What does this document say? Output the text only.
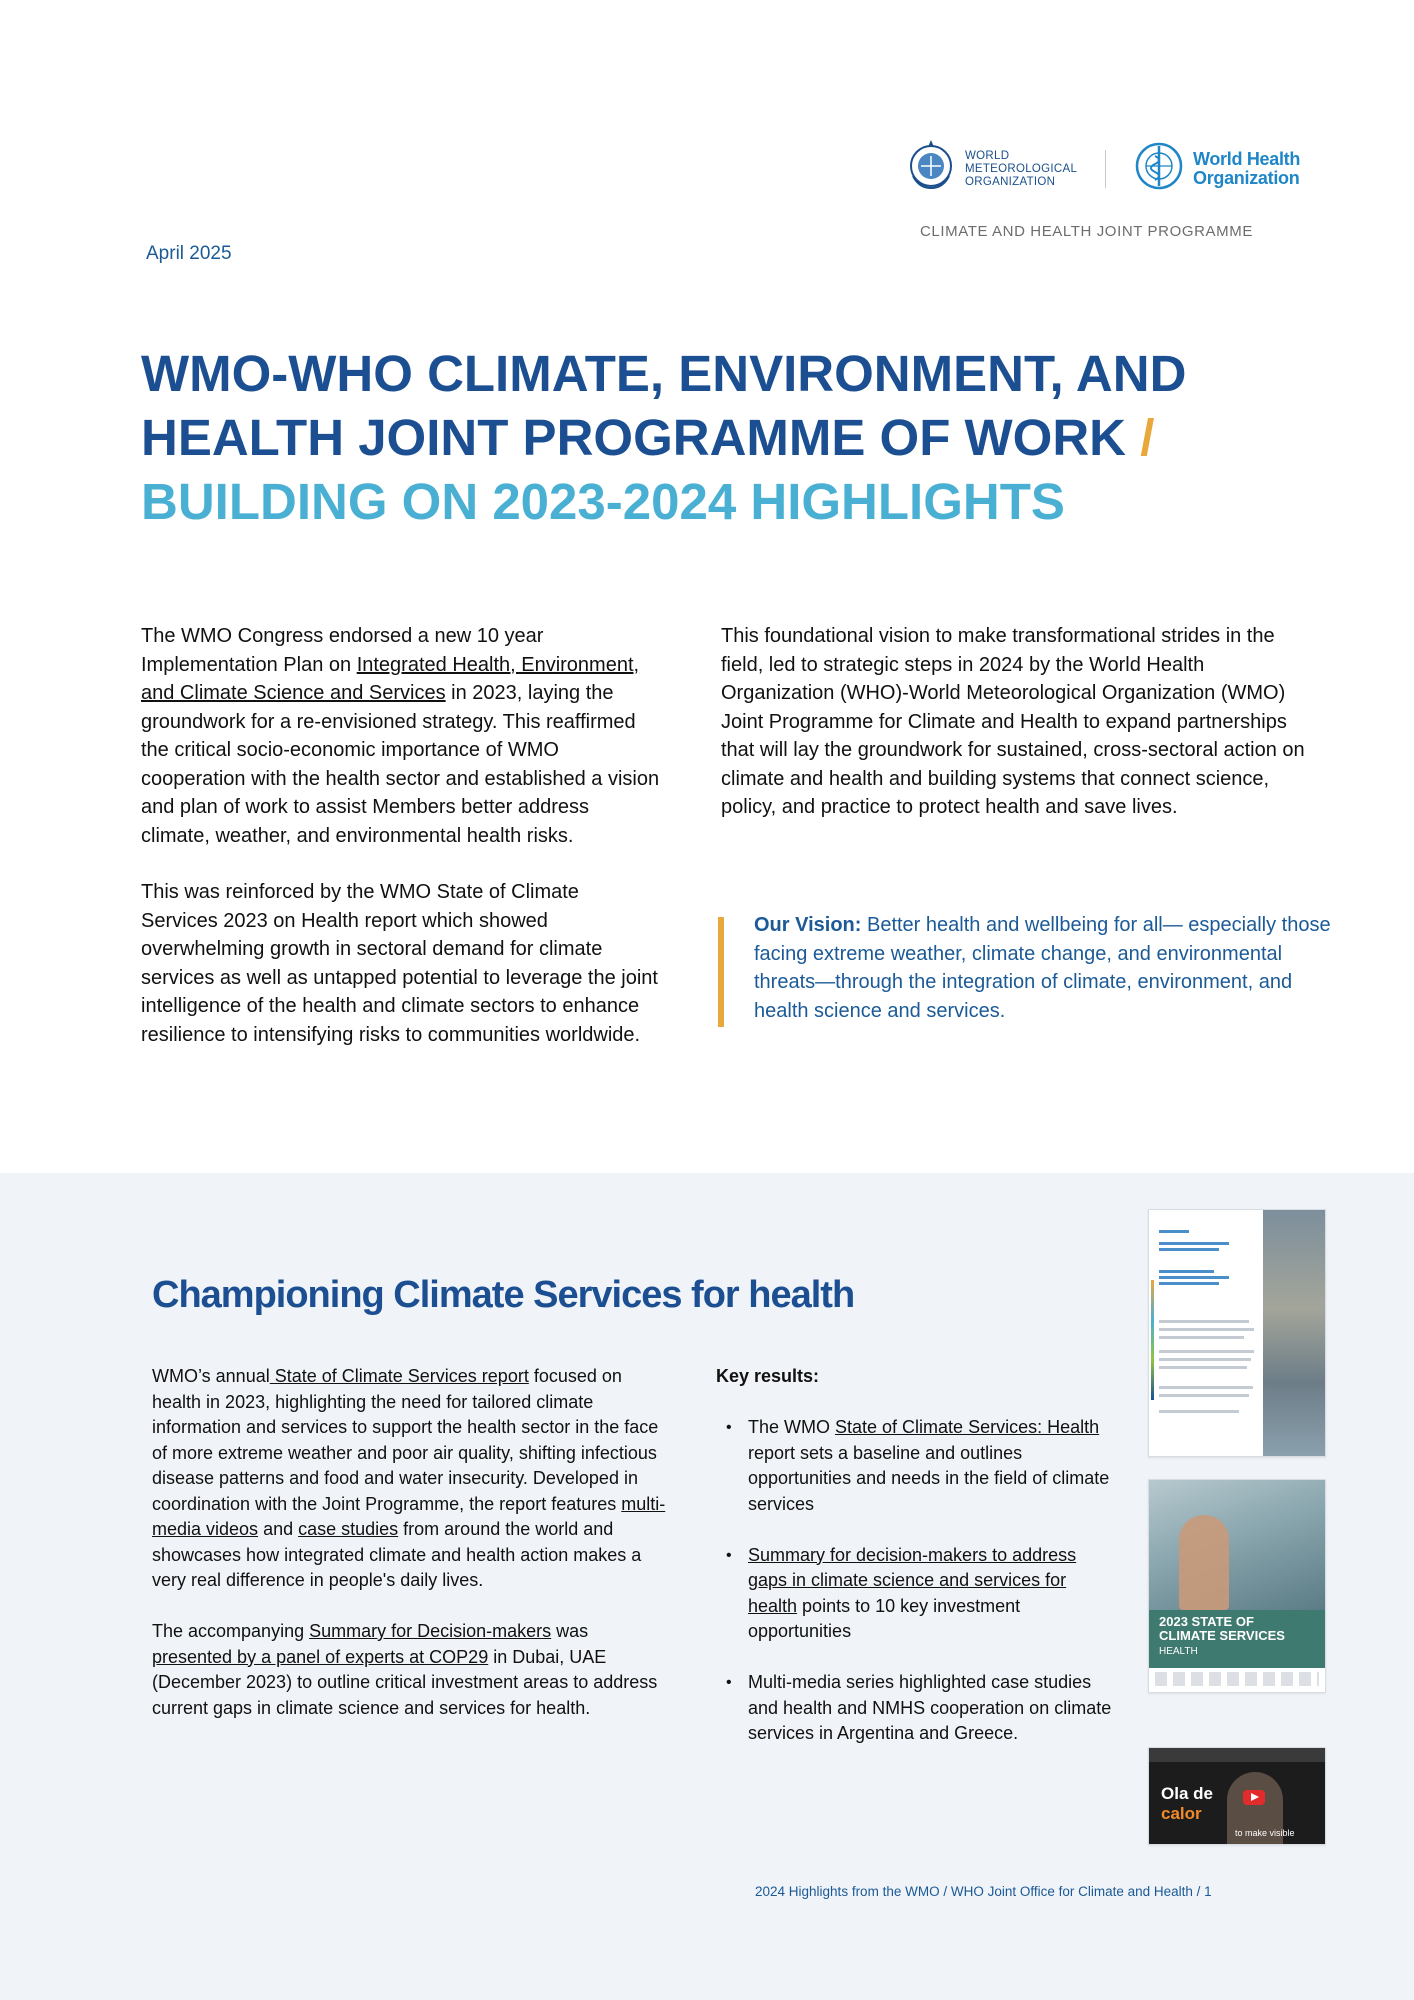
WORLD
METEOROLOGICAL
ORGANIZATION
World Health
Organization
CLIMATE AND HEALTH JOINT PROGRAMME
April 2025
WMO-WHO CLIMATE, ENVIRONMENT, AND
HEALTH JOINT PROGRAMME OF WORK /
BUILDING ON 2023-2024 HIGHLIGHTS

The WMO Congress endorsed a new 10 year Implementation Plan on Integrated Health, Environment, and Climate Science and Services in 2023, laying the groundwork for a re-envisioned strategy. This reaffirmed the critical socio-economic importance of WMO cooperation with the health sector and established a vision and plan of work to assist Members better address climate, weather, and environmental health risks.

This was reinforced by the WMO State of Climate Services 2023 on Health report which showed overwhelming growth in sectoral demand for climate services as well as untapped potential to leverage the joint intelligence of the health and climate sectors to enhance resilience to intensifying risks to communities worldwide.

This foundational vision to make transformational strides in the field, led to strategic steps in 2024 by the World Health Organization (WHO)-World Meteorological Organization (WMO) Joint Programme for Climate and Health to expand partnerships that will lay the groundwork for sustained, cross-sectoral action on climate and health and building systems that connect science, policy, and practice to protect health and save lives.

Our Vision: Better health and wellbeing for all— especially those facing extreme weather, climate change, and environmental threats—through the integration of climate, environment, and health science and services.
Championing Climate Services for health

WMO’s annual State of Climate Services report focused on health in 2023, highlighting the need for tailored climate information and services to support the health sector in the face of more extreme weather and poor air quality, shifting infectious disease patterns and food and water insecurity. Developed in coordination with the Joint Programme, the report features multi-media videos and case studies from around the world and showcases how integrated climate and health action makes a very real difference in people's daily lives.

The accompanying Summary for Decision-makers was presented by a panel of experts at COP29 in Dubai, UAE (December 2023) to outline critical investment areas to address current gaps in climate science and services for health.

Key results:
• The WMO State of Climate Services: Health report sets a baseline and outlines opportunities and needs in the field of climate services
• Summary for decision-makers to address gaps in climate science and services for health points to 10 key investment opportunities
• Multi-media series highlighted case studies and health and NMHS cooperation on climate services in Argentina and Greece.
2023 STATE OF
CLIMATE SERVICES
HEALTH
Ola de
calor
to make visible
2024 Highlights from the WMO / WHO Joint Office for Climate and Health / 1
